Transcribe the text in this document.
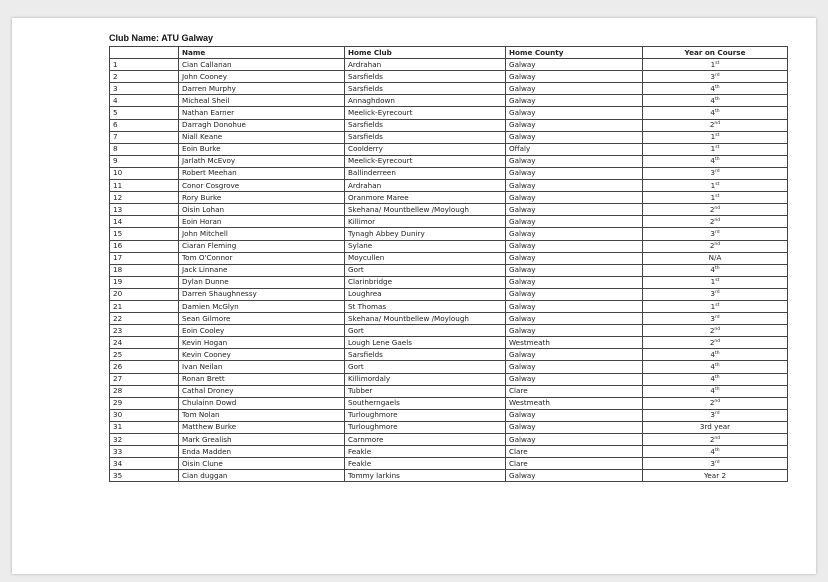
Club Name: ATU Galway
	Name	Home Club	Home County	Year on Course
1	Cian Callanan	Ardrahan	Galway	1st
2	John Cooney	Sarsfields	Galway	3rd
3	Darren Murphy	Sarsfields	Galway	4th
4	Micheal Sheil	Annaghdown	Galway	4th
5	Nathan Earner	Meelick-Eyrecourt	Galway	4th
6	Darragh Donohue	Sarsfields	Galway	2nd
7	Niall Keane	Sarsfields	Galway	1st
8	Eoin Burke	Coolderry	Offaly	1st
9	Jarlath McEvoy	Meelick-Eyrecourt	Galway	4th
10	Robert Meehan	Ballinderreen	Galway	3rd
11	Conor Cosgrove	Ardrahan	Galway	1st
12	Rory Burke	Oranmore Maree	Galway	1st
13	Oisin Lohan	Skehana/ Mountbellew /Moylough	Galway	2nd
14	Eoin Horan	Killimor	Galway	2nd
15	John Mitchell	Tynagh Abbey Duniry	Galway	3rd
16	Ciaran Fleming	Sylane	Galway	2nd
17	Tom O'Connor	Moycullen	Galway	N/A
18	Jack Linnane	Gort	Galway	4th
19	Dylan Dunne	Clarinbridge	Galway	1st
20	Darren Shaughnessy	Loughrea	Galway	3rd
21	Damien McGlyn	St Thomas	Galway	1st
22	Sean Gilmore	Skehana/ Mountbellew /Moylough	Galway	3rd
23	Eoin Cooley	Gort	Galway	2nd
24	Kevin Hogan	Lough Lene Gaels	Westmeath	2nd
25	Kevin Cooney	Sarsfields	Galway	4th
26	Ivan Neilan	Gort	Galway	4th
27	Ronan Brett	Killimordaly	Galway	4th
28	Cathal Droney	Tubber	Clare	4th
29	Chulainn Dowd	Southerngaels	Westmeath	2nd
30	Tom Nolan	Turloughmore	Galway	3rd
31	Matthew Burke	Turloughmore	Galway	3rd year
32	Mark Grealish	Carnmore	Galway	2nd
33	Enda Madden	Feakle	Clare	4th
34	Oisin Clune	Feakle	Clare	3rd
35	Cian duggan	Tommy larkins	Galway	Year 2
